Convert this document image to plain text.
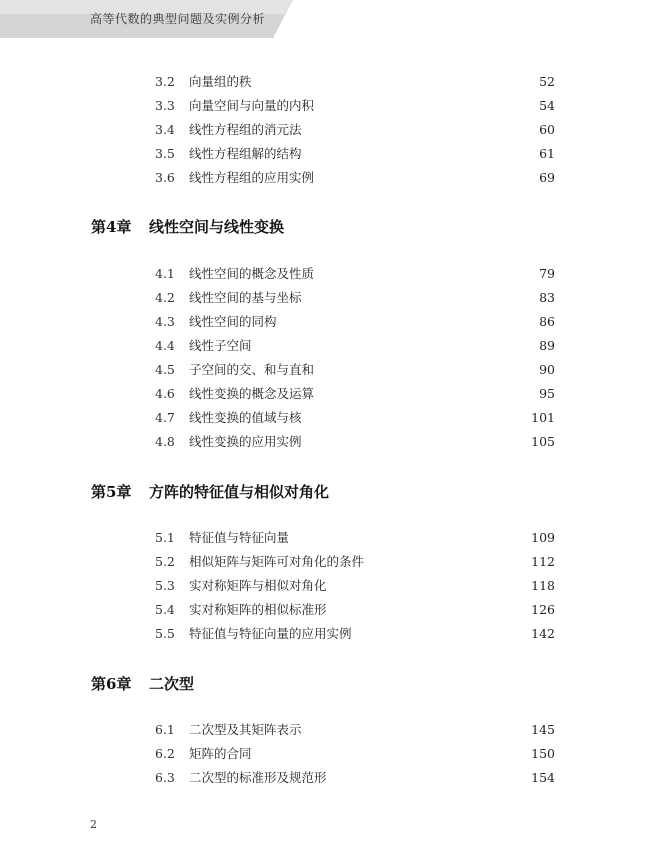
高等代数的典型问题及实例分析
3.2 向量组的秩	52
3.3 向量空间与向量的内积	54
3.4 线性方程组的消元法	60
3.5 线性方程组解的结构	61
3.6 线性方程组的应用实例	69
第4章 线性空间与线性变换
4.1 线性空间的概念及性质	79
4.2 线性空间的基与坐标	83
4.3 线性空间的同构	86
4.4 线性子空间	89
4.5 子空间的交、和与直和	90
4.6 线性变换的概念及运算	95
4.7 线性变换的值域与核	101
4.8 线性变换的应用实例	105
第5章 方阵的特征值与相似对角化
5.1 特征值与特征向量	109
5.2 相似矩阵与矩阵可对角化的条件	112
5.3 实对称矩阵与相似对角化	118
5.4 实对称矩阵的相似标准形	126
5.5 特征值与特征向量的应用实例	142
第6章 二次型
6.1 二次型及其矩阵表示	145
6.2 矩阵的合同	150
6.3 二次型的标准形及规范形	154
2
